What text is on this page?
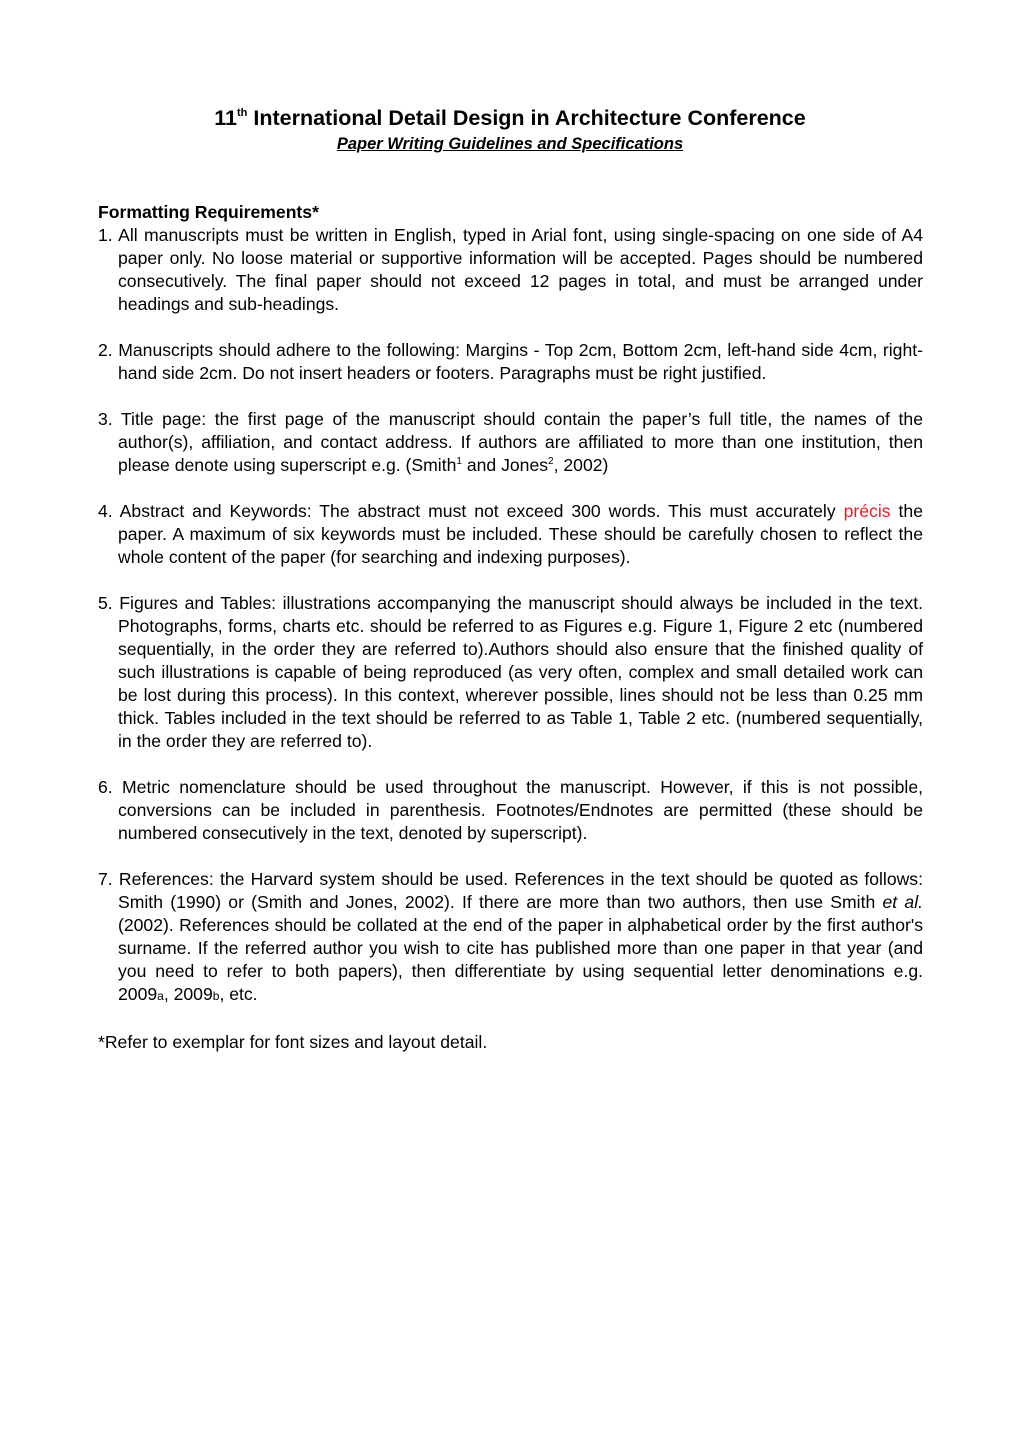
11th International Detail Design in Architecture Conference

Paper Writing Guidelines and Specifications

Formatting Requirements*

1. All manuscripts must be written in English, typed in Arial font, using single-spacing on one side of A4 paper only. No loose material or supportive information will be accepted. Pages should be numbered consecutively. The final paper should not exceed 12 pages in total, and must be arranged under headings and sub-headings.

2. Manuscripts should adhere to the following: Margins - Top 2cm, Bottom 2cm, left-hand side 4cm, right-hand side 2cm. Do not insert headers or footers. Paragraphs must be right justified.

3. Title page: the first page of the manuscript should contain the paper’s full title, the names of the author(s), affiliation, and contact address. If authors are affiliated to more than one institution, then please denote using superscript e.g. (Smith$^1$ and Jones$^2$, 2002)

4. Abstract and Keywords: The abstract must not exceed 300 words. This must accurately précis the paper. A maximum of six keywords must be included. These should be carefully chosen to reflect the whole content of the paper (for searching and indexing purposes).

5. Figures and Tables: illustrations accompanying the manuscript should always be included in the text. Photographs, forms, charts etc. should be referred to as Figures e.g. Figure 1, Figure 2 etc (numbered sequentially, in the order they are referred to).Authors should also ensure that the finished quality of such illustrations is capable of being reproduced (as very often, complex and small detailed work can be lost during this process). In this context, wherever possible, lines should not be less than 0.25 mm thick. Tables included in the text should be referred to as Table 1, Table 2 etc. (numbered sequentially, in the order they are referred to).

6. Metric nomenclature should be used throughout the manuscript. However, if this is not possible, conversions can be included in parenthesis. Footnotes/Endnotes are permitted (these should be numbered consecutively in the text, denoted by superscript).

7. References: the Harvard system should be used. References in the text should be quoted as follows: Smith (1990) or (Smith and Jones, 2002). If there are more than two authors, then use Smith et al. (2002). References should be collated at the end of the paper in alphabetical order by the first author's surname. If the referred author you wish to cite has published more than one paper in that year (and you need to refer to both papers), then differentiate by using sequential letter denominations e.g. 2009a, 2009b, etc.

*Refer to exemplar for font sizes and layout detail.
